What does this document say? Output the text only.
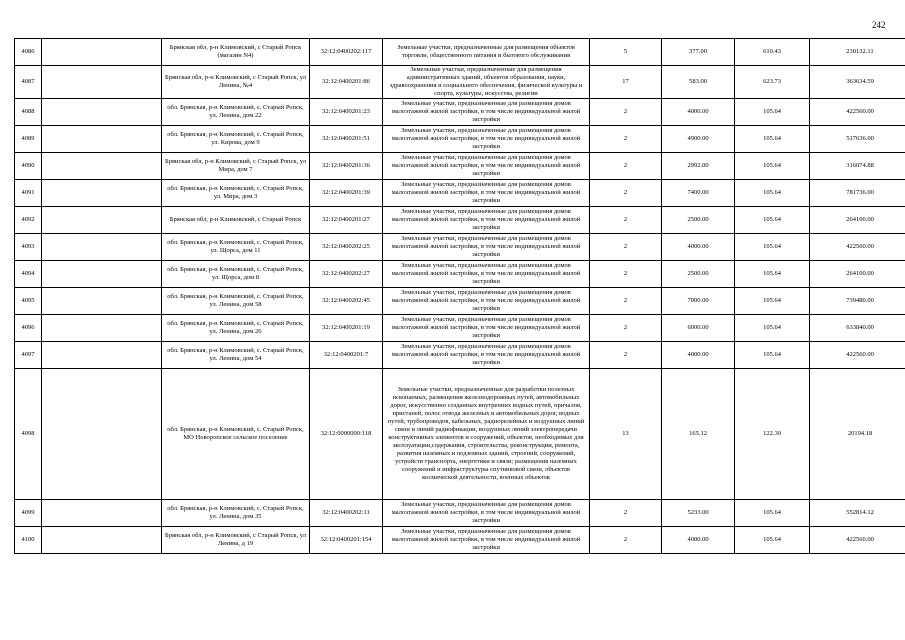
242
4086		Брянская обл, р-н Климовский, с Старый Ропск (магазин N4)	32:12:0400202:117	Земельные участки, предназначенные для размещения объектов торговли, общественного питания и бытового обслуживания	5	377.00	610.43	230132.11
4087		Брянская обл, р-н Климовский, с Старый Ропск, ул Ленина, №4	32:12:0400201:86	Земельные участки, предназначенные для размещения административных зданий, объектов образования, науки, здравоохранения и социального обеспечения, физической культуры и спорта, культуры, искусства, религии	17	583.00	623.73	363634.59
4088		обл. Брянская, р-н Климовский, с. Старый Ропск, ул. Ленина, дом 22	32:12:0400201:23	Земельные участки, предназначенные для размещения домов малоэтажной жилой застройки, в том числе индивидуальной жилой застройки	2	4000.00	105.64	422560.00
4089		обл. Брянская, р-н Климовский, с. Старый Ропск, ул. Кирова, дом 9	32:12:0400201:51	Земельные участки, предназначенные для размещения домов малоэтажной жилой застройки, в том числе индивидуальной жилой застройки	2	4900.00	105.64	517636.00
4090		Брянская обл, р-н Климовский, с Старый Ропск, ул Мира, дом 7	32:12:0400201:36	Земельные участки, предназначенные для размещения домов малоэтажной жилой застройки, в том числе индивидуальной жилой застройки	2	2992.00	105.64	316074.88
4091		обл. Брянская, р-н Климовский, с. Старый Ропск, ул. Мира, дом 3	32:12:0400201:39	Земельные участки, предназначенные для размещения домов малоэтажной жилой застройки, в том числе индивидуальной жилой застройки	2	7400.00	105.64	781736.00
4092		Брянская обл, р-н Климовский, с Старый Ропск	32:12:0400201:27	Земельные участки, предназначенные для размещения домов малоэтажной жилой застройки, в том числе индивидуальной жилой застройки	2	2500.00	105.64	264100.00
4093		обл. Брянская, р-н Климовский, с. Старый Ропск, ул. Щорса, дом 11	32:12:0400202:25	Земельные участки, предназначенные для размещения домов малоэтажной жилой застройки, в том числе индивидуальной жилой застройки	2	4000.00	105.64	422560.00
4094		обл. Брянская, р-н Климовский, с. Старый Ропск, ул. Щорса, дом 8	32:12:0400202:27	Земельные участки, предназначенные для размещения домов малоэтажной жилой застройки, в том числе индивидуальной жилой застройки	2	2500.00	105.64	264100.00
4095		обл. Брянская, р-н Климовский, с. Старый Ропск, ул. Ленина, дом 58	32:12:0400202:45	Земельные участки, предназначенные для размещения домов малоэтажной жилой застройки, в том числе индивидуальной жилой застройки	2	7000.00	105.64	739480.00
4096		обл. Брянская, р-н Климовский, с. Старый Ропск, ул. Ленина, дом 26	32:12:0400201:19	Земельные участки, предназначенные для размещения домов малоэтажной жилой застройки, в том числе индивидуальной жилой застройки	2	6000.00	105.64	633840.00
4097		обл. Брянская, р-н Климовский, с. Старый Ропск, ул. Ленина, дом 54	32:12:0400201:7	Земельные участки, предназначенные для размещения домов малоэтажной жилой застройки, в том числе индивидуальной жилой застройки	2	4000.00	105.64	422560.00
4098		обл. Брянская, р-н Климовский, с. Старый Ропск, МО Новоропское сельское поселение	32:12:0000000:118	Земельные участки, предназначенные для разработки полезных ископаемых, размещения железнодорожных путей, автомобильных дорог, искусственно созданных внутренних водных путей, причалов, пристаней, полос отвода железных и автомобильных дорог, водных путей, трубопроводов, кабельных, радиорелейных и воздушных линий связи и линий радиофикации, воздушных линий электропередачи конструктивных элементов и сооружений, объектов, необходимых для эксплуатации,содержания, строительства, реконструкции, ремонта, развития наземных и подземных зданий, строений, сооружений, устройств транспорта, энергетики и связи; размещения наземных сооружений и инфраструктуры спутниковой связи, объектов космической деятельности, военных объектов	13	165.12	122.30	20194.18
4099		обл. Брянская, р-н Климовский, с. Старый Ропск, ул. Ленина, дом 35	32:12:0400202:11	Земельные участки, предназначенные для размещения домов малоэтажной жилой застройки, в том числе индивидуальной жилой застройки	2	5233.00	105.64	552814.12
4100		Брянская обл, р-н Климовский, с Старый Ропск, ул Ленина, д 19	32:12:0400201:154	Земельные участки, предназначенные для размещения домов малоэтажной жилой застройки, в том числе индивидуальной жилой застройки	2	4000.00	105.64	422560.00
